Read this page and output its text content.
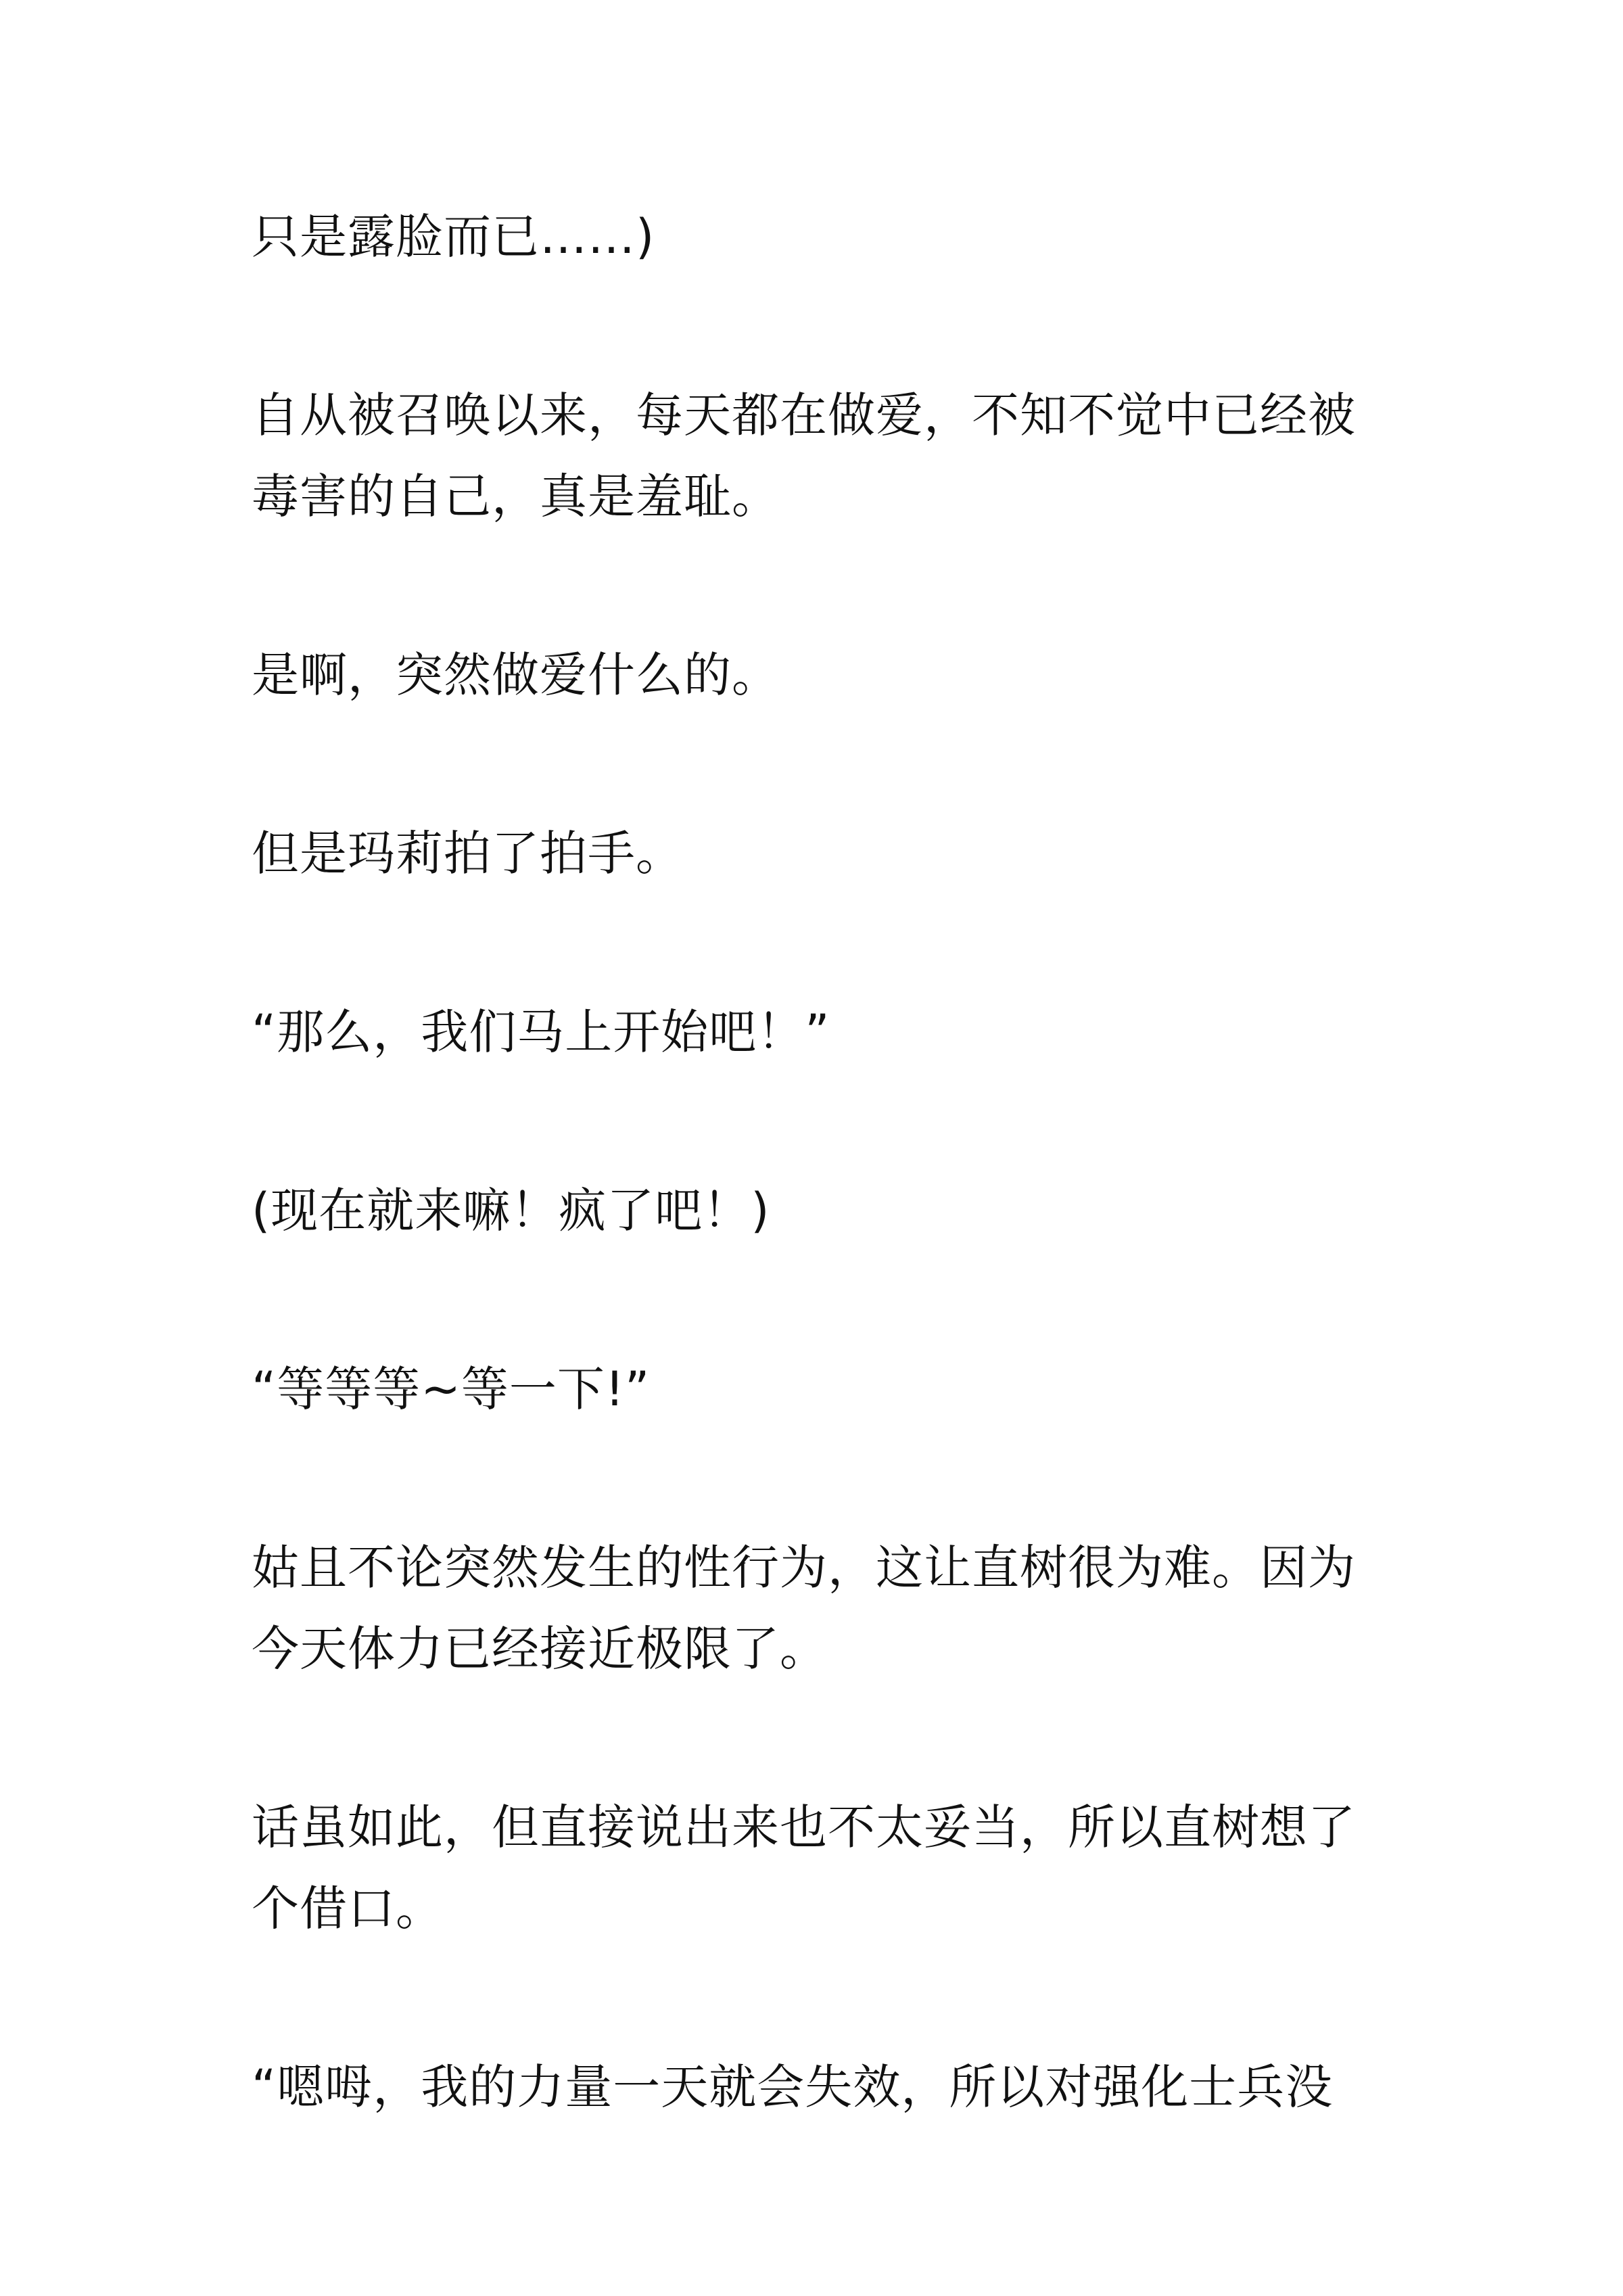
只是露脸而已……)

自从被召唤以来，每天都在做爱，不知不觉中已经被毒害的自己，真是羞耻。

是啊，突然做爱什么的。

但是玛莉拍了拍手。

“那么，我们马上开始吧！”

(现在就来嘛！疯了吧！)

“等等等~等一下!”

姑且不论突然发生的性行为，这让直树很为难。因为今天体力已经接近极限了。

话虽如此，但直接说出来也不太妥当，所以直树想了个借口。

“嗯呣，我的力量一天就会失效，所以对强化士兵没
